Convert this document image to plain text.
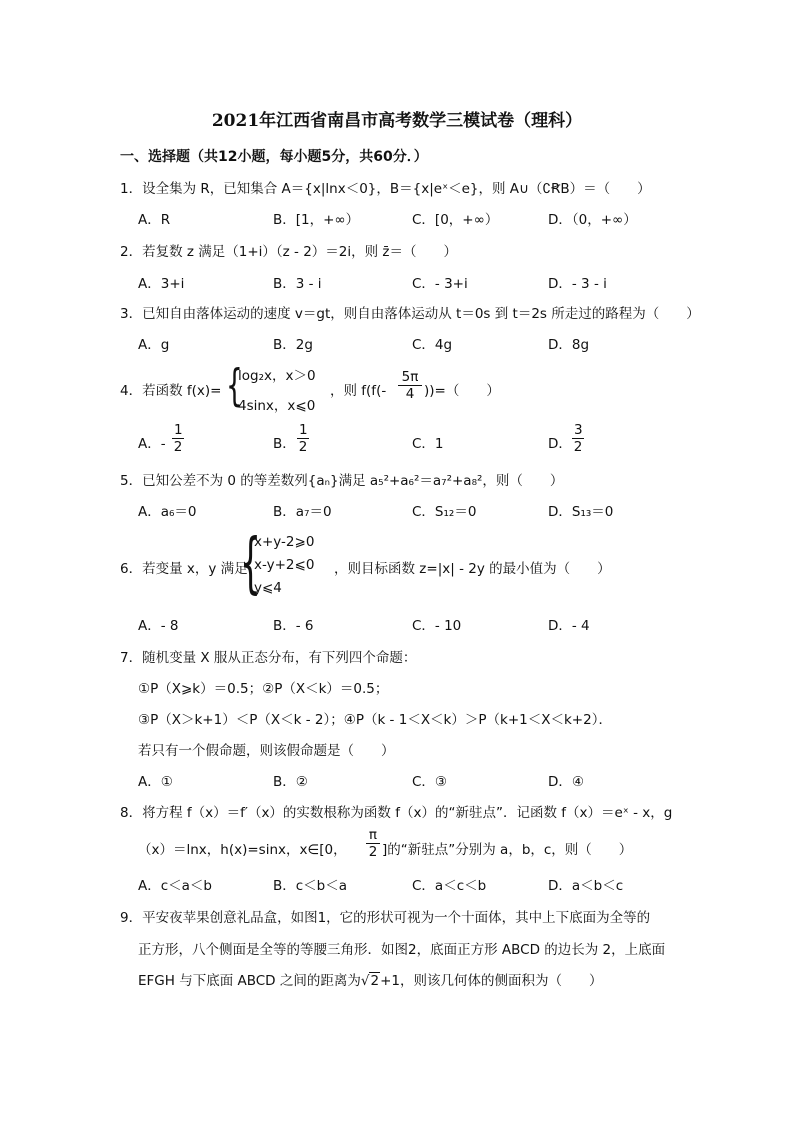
2021年江西省南昌市高考数学三模试卷（理科）
一、选择题（共12小题，每小题5分，共60分．）
1．设全集为 R，已知集合 A＝{x|lnx＜0}，B＝{x|eˣ＜e}，则 A∪（∁ꞦB）＝（　　）
A．R	B．[1，+∞）	C．[0，+∞）	D．（0，+∞）
2．若复数 z 满足（1+i）（z - 2）＝2i，则 z̄＝（　　）
A．3+i	B．3 - i	C．- 3+i	D．- 3 - i
3．已知自由落体运动的速度 v＝gt，则自由落体运动从 t＝0s 到 t＝2s 所走过的路程为（　　）
A．g	B．2g	C．4g	D．8g
4．若函数 f(x)= {
log₂x，x＞0
4sinx，x⩽0
，则 $f(f(- \frac{5\pi}{4}$ ))=（　　）
A．- $\frac{1}{2}$	B． $\frac{1}{2}$	C．1	D． $\frac{3}{2}$
5．已知公差不为 0 的等差数列{aₙ}满足 a₅²+a₆²＝a₇²+a₈²，则（　　）
A．a₆＝0	B．a₇＝0	C．S₁₂＝0	D．S₁₃＝0
6．若变量 x，y 满足
{
x+y-2⩾0
x-y+2⩽0
y⩽4
，则目标函数 z=|x| - 2y 的最小值为（　　）
A．- 8	B．- 6	C．- 10	D．- 4
7．随机变量 X 服从正态分布，有下列四个命题：
①P（X⩾k）＝0.5；②P（X＜k）＝0.5；
③P（X＞k+1）＜P（X＜k - 2）；④P（k - 1＜X＜k）＞P（k+1＜X＜k+2）．
若只有一个假命题，则该假命题是（　　）
A．①	B．②	C．③	D．④
8．将方程 f（x）＝f′（x）的实数根称为函数 f（x）的“新驻点”．记函数 f（x）＝eˣ - x，g
（x）＝lnx，h(x)=sinx，x∈[0， $\frac{\pi}{2}$ ]的“新驻点”分别为 a，b，c，则（　　）
A．c＜a＜b	B．c＜b＜a	C．a＜c＜b	D．a＜b＜c
9．平安夜苹果创意礼品盒，如图1，它的形状可视为一个十面体，其中上下底面为全等的
正方形，八个侧面是全等的等腰三角形．如图2，底面正方形 ABCD 的边长为 2，上底面
EFGH 与下底面 ABCD 之间的距离为√2+1，则该几何体的侧面积为（　　）
